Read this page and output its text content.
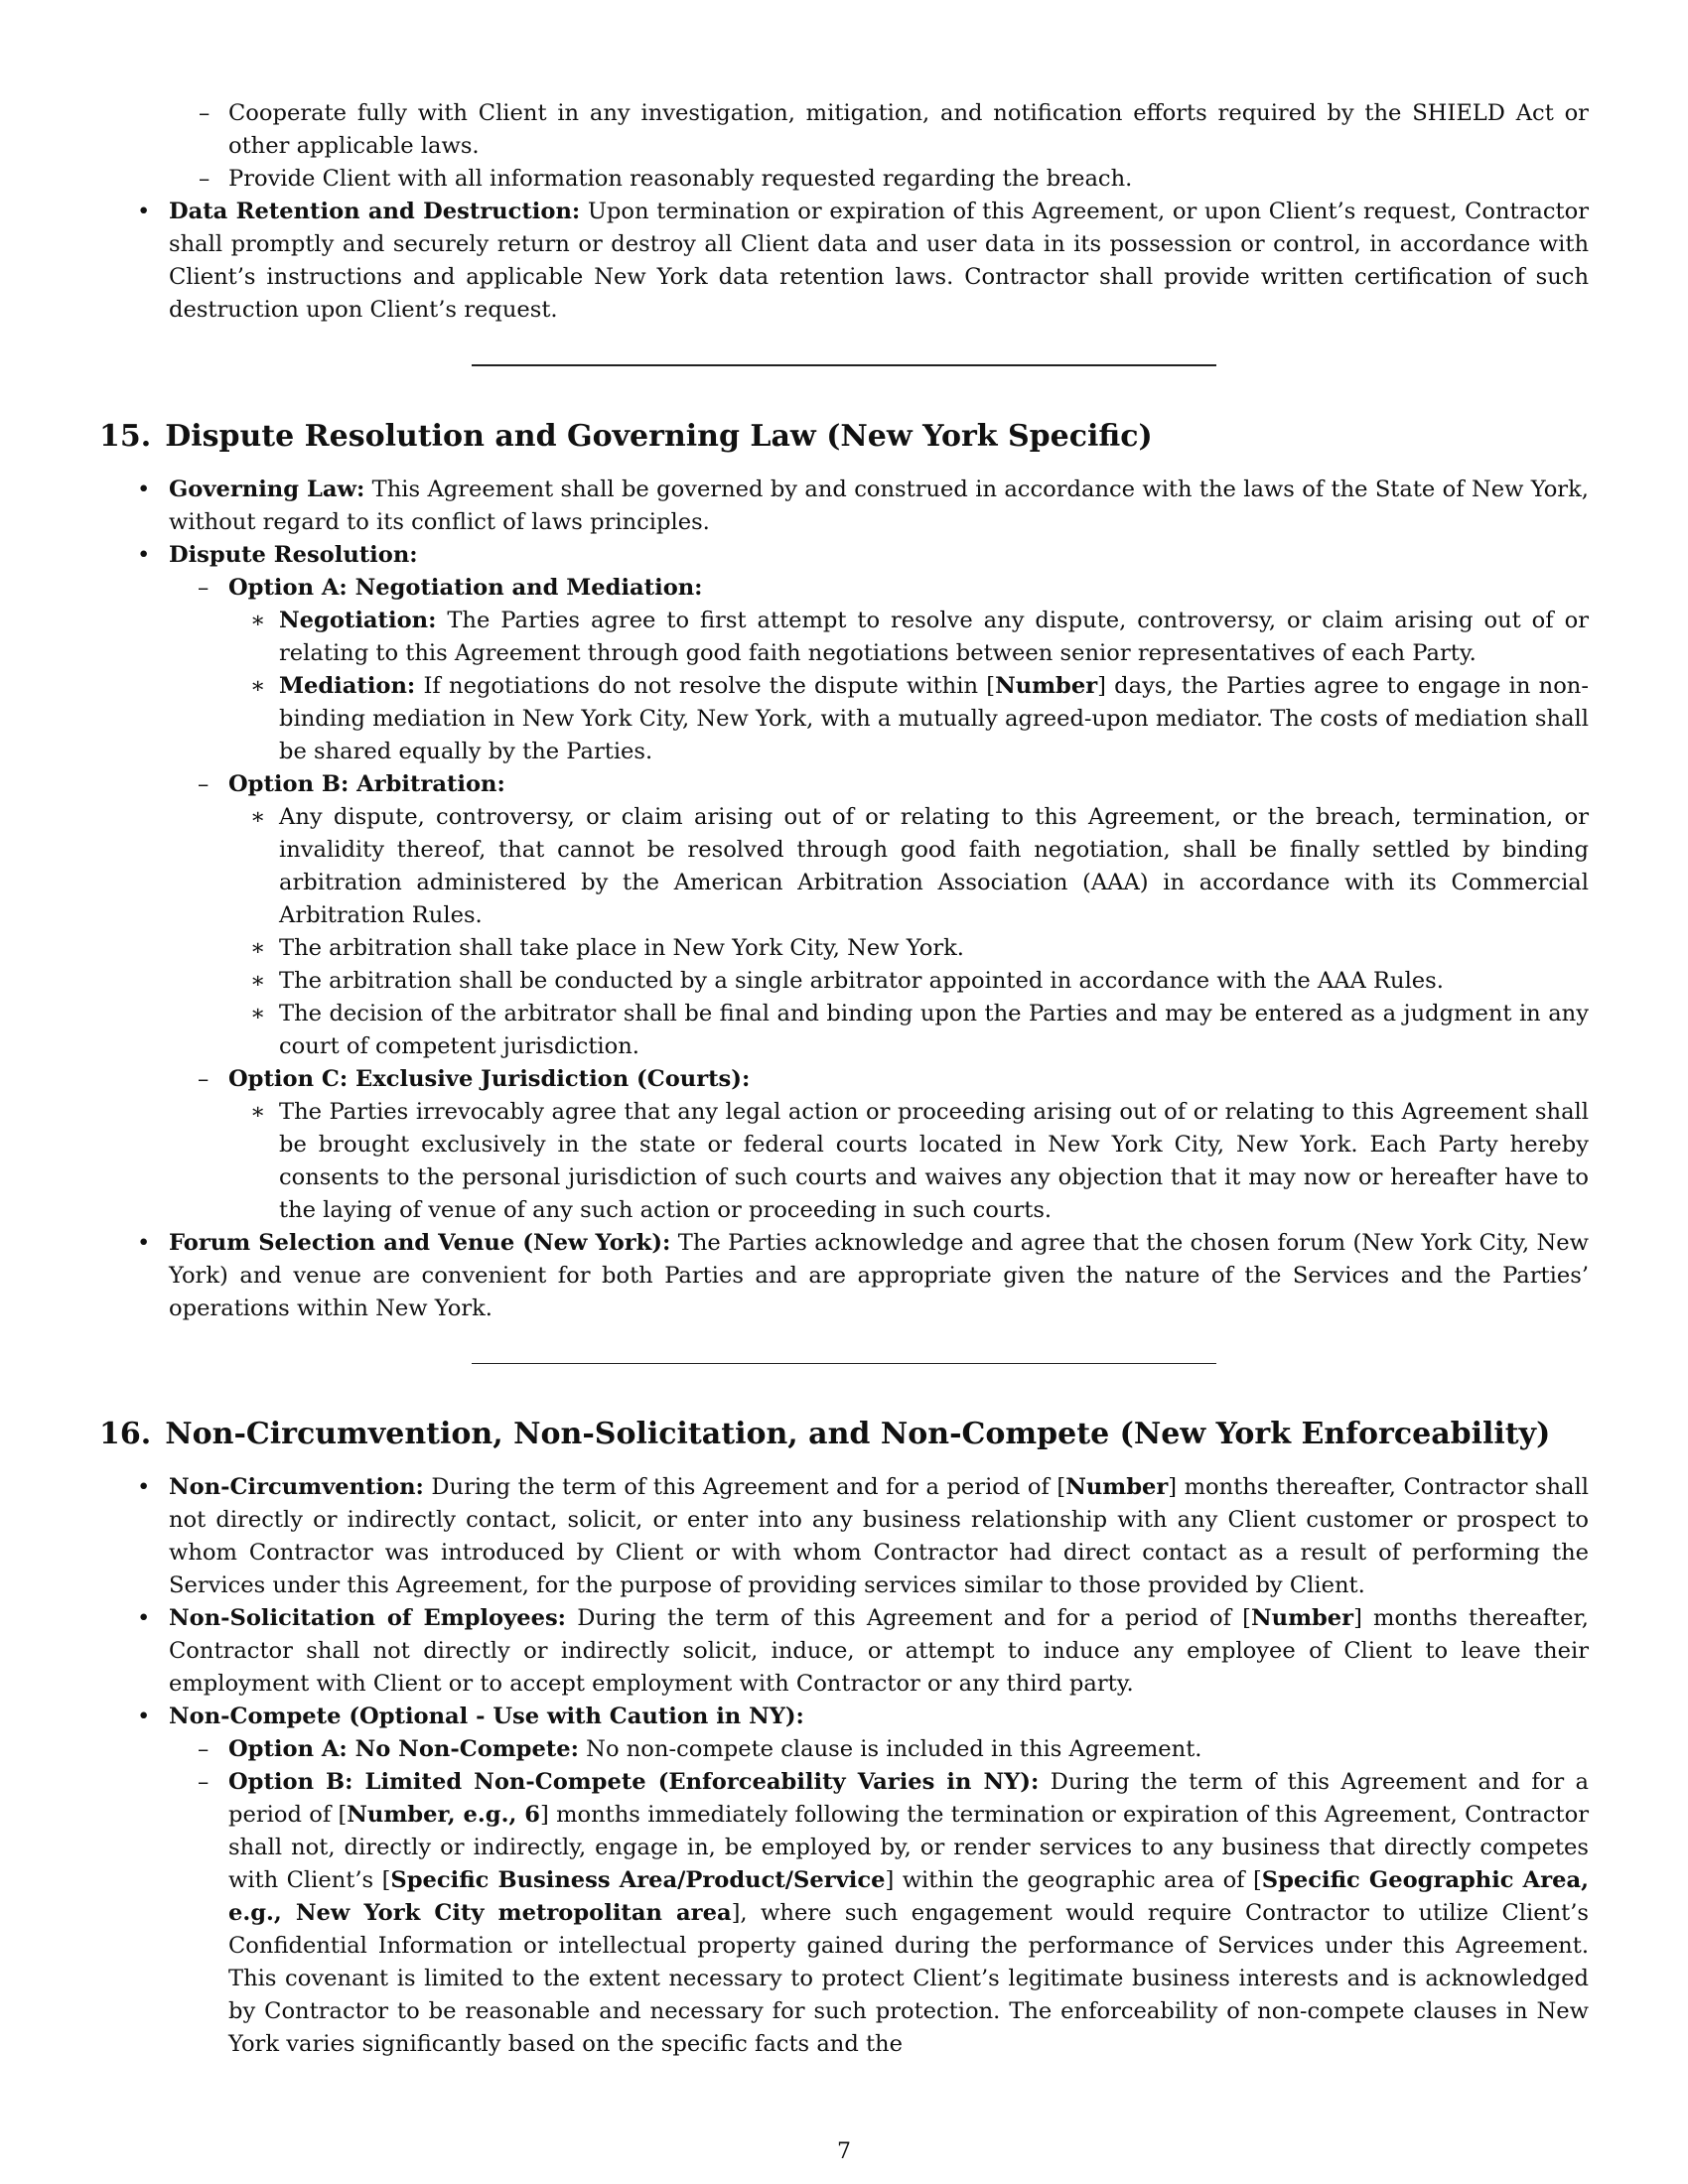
– Cooperate fully with Client in any investigation, mitigation, and notification efforts required by the SHIELD Act or other applicable laws.
– Provide Client with all information reasonably requested regarding the breach.
• Data Retention and Destruction: Upon termination or expiration of this Agreement, or upon Client’s request, Contractor shall promptly and securely return or destroy all Client data and user data in its possession or control, in accordance with Client’s instructions and applicable New York data retention laws. Contractor shall provide written certification of such destruction upon Client’s request.
15. Dispute Resolution and Governing Law (New York Specific)
• Governing Law: This Agreement shall be governed by and construed in accordance with the laws of the State of New York, without regard to its conflict of laws principles.
• Dispute Resolution:
– Option A: Negotiation and Mediation:
∗ Negotiation: The Parties agree to first attempt to resolve any dispute, controversy, or claim arising out of or relating to this Agreement through good faith negotiations between senior representatives of each Party.
∗ Mediation: If negotiations do not resolve the dispute within [Number] days, the Parties agree to engage in non-binding mediation in New York City, New York, with a mutually agreed-upon mediator. The costs of mediation shall be shared equally by the Parties.
– Option B: Arbitration:
∗ Any dispute, controversy, or claim arising out of or relating to this Agreement, or the breach, termination, or invalidity thereof, that cannot be resolved through good faith negotiation, shall be finally settled by binding arbitration administered by the American Arbitration Association (AAA) in accordance with its Commercial Arbitration Rules.
∗ The arbitration shall take place in New York City, New York.
∗ The arbitration shall be conducted by a single arbitrator appointed in accordance with the AAA Rules.
∗ The decision of the arbitrator shall be final and binding upon the Parties and may be entered as a judgment in any court of competent jurisdiction.
– Option C: Exclusive Jurisdiction (Courts):
∗ The Parties irrevocably agree that any legal action or proceeding arising out of or relating to this Agreement shall be brought exclusively in the state or federal courts located in New York City, New York. Each Party hereby consents to the personal jurisdiction of such courts and waives any objection that it may now or hereafter have to the laying of venue of any such action or proceeding in such courts.
• Forum Selection and Venue (New York): The Parties acknowledge and agree that the chosen forum (New York City, New York) and venue are convenient for both Parties and are appropriate given the nature of the Services and the Parties’ operations within New York.
16. Non-Circumvention, Non-Solicitation, and Non-Compete (New York Enforceability)
• Non-Circumvention: During the term of this Agreement and for a period of [Number] months thereafter, Contractor shall not directly or indirectly contact, solicit, or enter into any business relationship with any Client customer or prospect to whom Contractor was introduced by Client or with whom Contractor had direct contact as a result of performing the Services under this Agreement, for the purpose of providing services similar to those provided by Client.
• Non-Solicitation of Employees: During the term of this Agreement and for a period of [Number] months thereafter, Contractor shall not directly or indirectly solicit, induce, or attempt to induce any employee of Client to leave their employment with Client or to accept employment with Contractor or any third party.
• Non-Compete (Optional - Use with Caution in NY):
– Option A: No Non-Compete: No non-compete clause is included in this Agreement.
– Option B: Limited Non-Compete (Enforceability Varies in NY): During the term of this Agreement and for a period of [Number, e.g., 6] months immediately following the termination or expiration of this Agreement, Contractor shall not, directly or indirectly, engage in, be employed by, or render services to any business that directly competes with Client’s [Specific Business Area/Product/Service] within the geographic area of [Specific Geographic Area, e.g., New York City metropolitan area], where such engagement would require Contractor to utilize Client’s Confidential Information or intellectual property gained during the performance of Services under this Agreement. This covenant is limited to the extent necessary to protect Client’s legitimate business interests and is acknowledged by Contractor to be reasonable and necessary for such protection. The enforceability of non-compete clauses in New York varies significantly based on the specific facts and the
7
